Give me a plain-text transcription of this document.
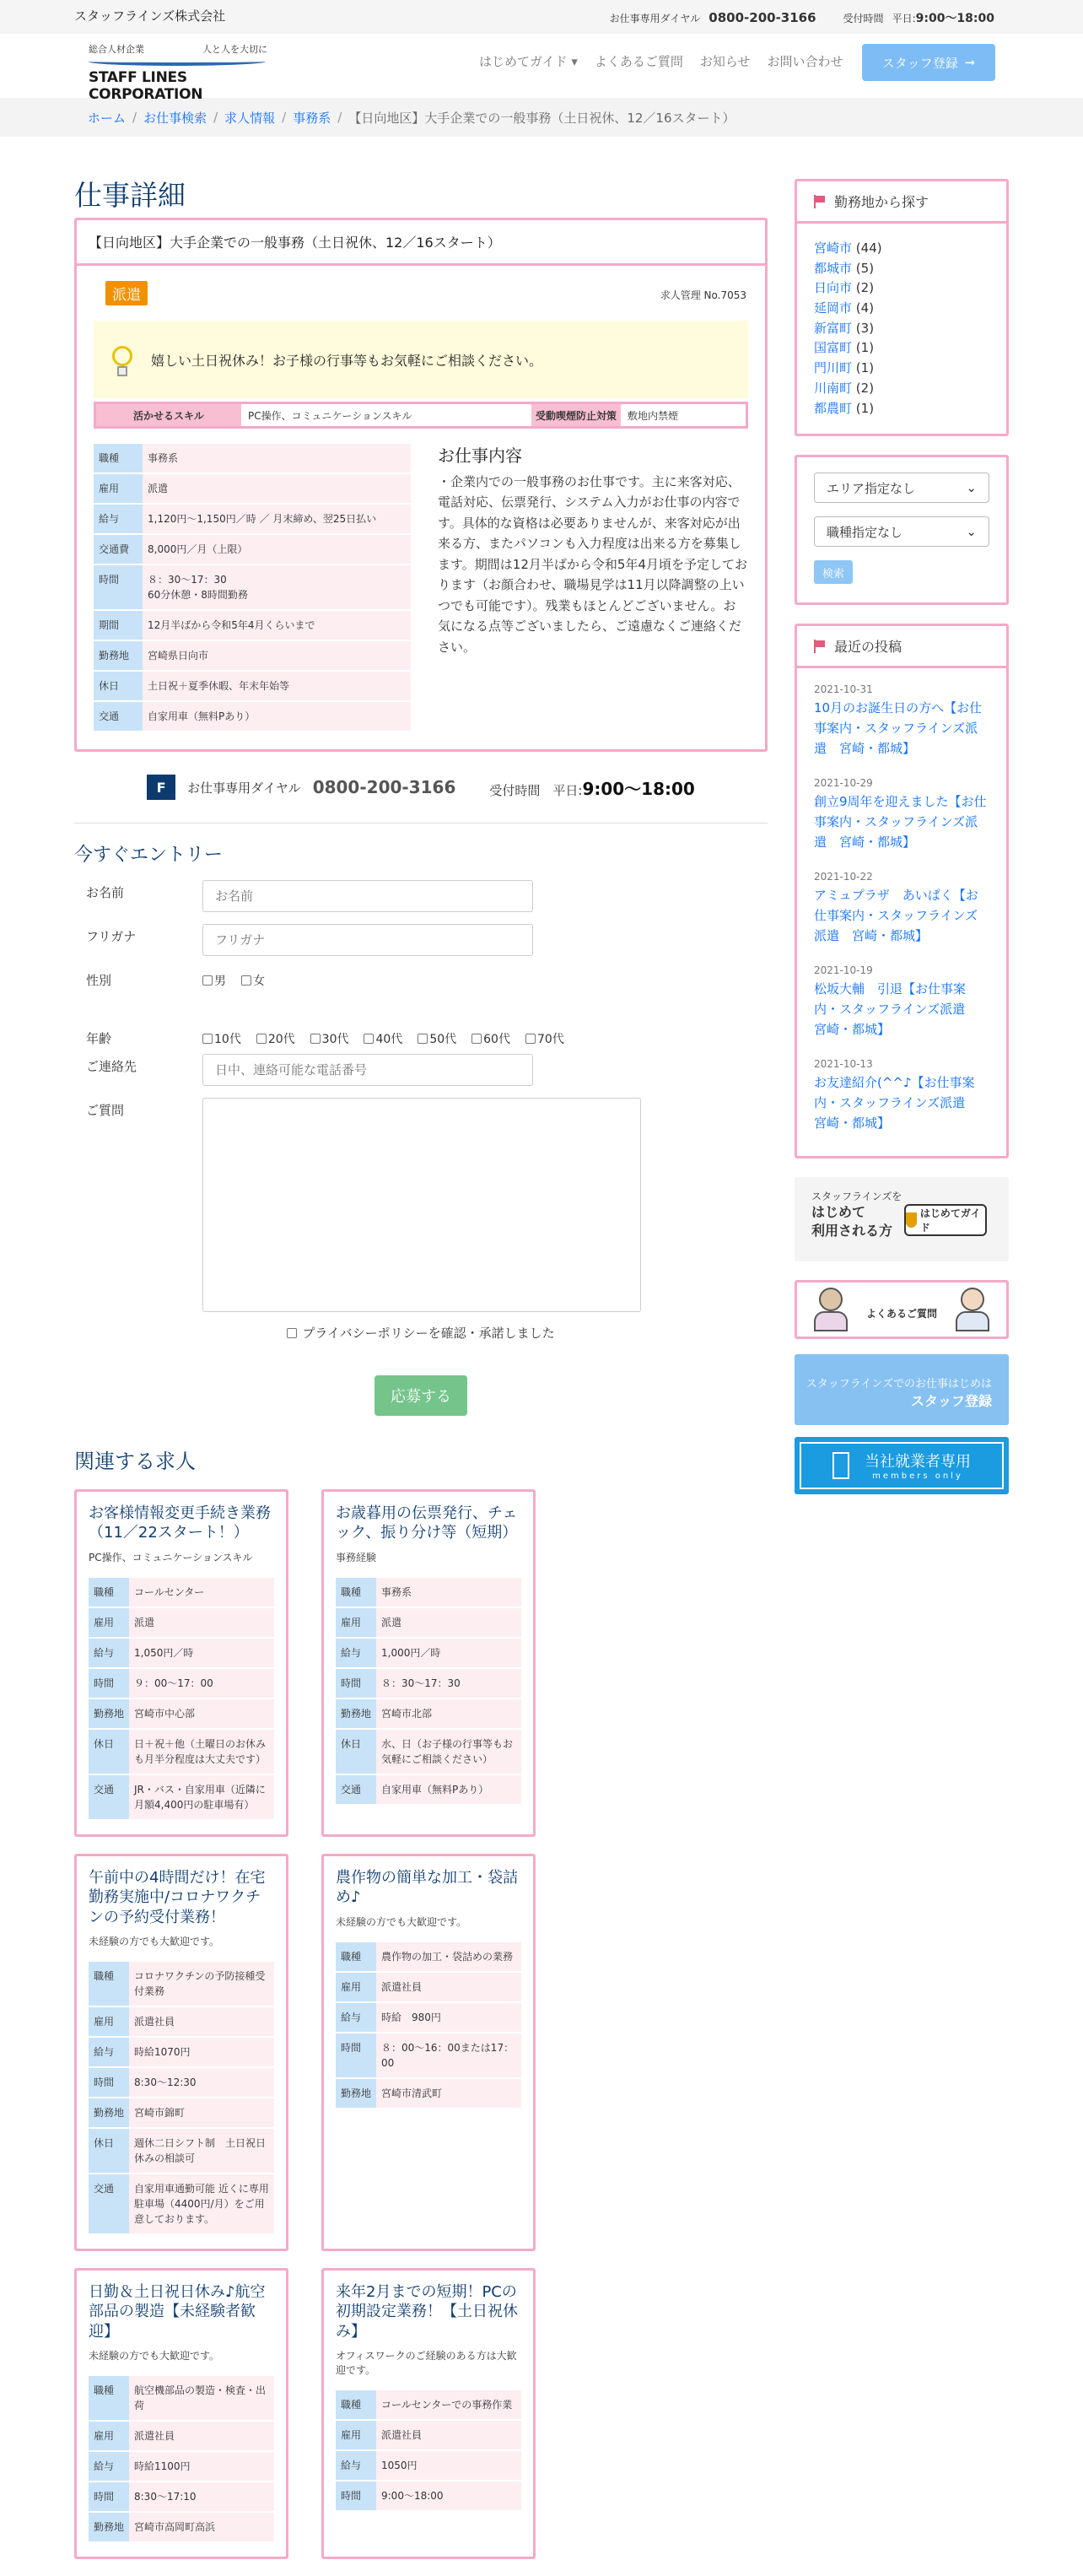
スタッフラインズ株式会社	お仕事専用ダイヤル 0800-200-3166	受付時間 平日: 9:00〜18:00
総合人材企業	人と人を大切に
STAFF LINES CORPORATION
はじめてガイド ▾ よくあるご質問 お知らせ お問い合わせ	スタッフ登録 ➞
ホーム / お仕事検索 / 求人情報 / 事務系 / 【日向地区】大手企業での一般事務（土日祝休、12／16スタート）
仕事詳細
【日向地区】大手企業での一般事務（土日祝休、12／16スタート）
派遣	求人管理 No.7053
嬉しい土日祝休み！お子様の行事等もお気軽にご相談ください。
活かせるスキル	PC操作、コミュニケーションスキル	受動喫煙防止対策	敷地内禁煙
職種	事務系
雇用	派遣
給与	1,120円〜1,150円／時 ／ 月末締め、翌25日払い
交通費	8,000円／月（上限）
時間	８：30〜17：30
60分休憩・8時間勤務
期間	12月半ばから令和5年4月くらいまで
勤務地	宮崎県日向市
休日	土日祝＋夏季休暇、年末年始等
交通	自家用車（無料Pあり）
お仕事内容

・企業内での一般事務のお仕事です。主に来客対応、電話対応、伝票発行、システム入力がお仕事の内容です。具体的な資格は必要ありませんが、来客対応が出来る方、またパソコンも入力程度は出来る方を募集します。期間は12月半ばから令和5年4月頃を予定しております（お顔合わせ、職場見学は11月以降調整の上いつでも可能です）。残業もほとんどございません。お気になる点等ございましたら、ご遠慮なくご連絡ください。

F	お仕事専用ダイヤル 0800-200-3166	受付時間　平日:9:00〜18:00
今すぐエントリー
お名前
お名前
フリガナ
フリガナ
性別	男 女
年齢	10代 20代 30代 40代 50代 60代 70代
ご連絡先
日中、連絡可能な電話番号
ご質問
プライバシーポリシーを確認・承諾しました
応募する
関連する求人
お客様情報変更手続き業務（11／22スタート！）
PC操作、コミュニケーションスキル
職種	コールセンター
雇用	派遣
給与	1,050円／時
時間	９：00〜17：00
勤務地	宮崎市中心部
休日	日＋祝＋他（土曜日のお休みも月半分程度は大丈夫です）
交通	JR・バス・自家用車（近隣に月額4,400円の駐車場有）
お歳暮用の伝票発行、チェック、振り分け等（短期）
事務経験
職種	事務系
雇用	派遣
給与	1,000円／時
時間	８：30〜17：30
勤務地	宮崎市北部
休日	水、日（お子様の行事等もお気軽にご相談ください）
交通	自家用車（無料Pあり）
午前中の4時間だけ！在宅勤務実施中/コロナワクチンの予約受付業務！
未経験の方でも大歓迎です。
職種	コロナワクチンの予防接種受付業務
雇用	派遣社員
給与	時給1070円
時間	8:30〜12:30
勤務地	宮崎市錦町
休日	週休二日シフト制　土日祝日休みの相談可
交通	自家用車通勤可能 近くに専用駐車場（4400円/月）をご用意しております。
農作物の簡単な加工・袋詰め♪
未経験の方でも大歓迎です。
職種	農作物の加工・袋詰めの業務
雇用	派遣社員
給与	時給　980円
時間	８：00〜16：00または17：00
勤務地	宮崎市清武町
日勤＆土日祝日休み♪航空部品の製造【未経験者歓迎】
未経験の方でも大歓迎です。
職種	航空機部品の製造・検査・出荷
雇用	派遣社員
給与	時給1100円
時間	8:30〜17:10
勤務地	宮崎市高岡町高浜
来年2月までの短期！PCの初期設定業務！【土日祝休み】
オフィスワークのご経験のある方は大歓迎です。
職種	コールセンターでの事務作業
雇用	派遣社員
給与	1050円
時間	9:00〜18:00
勤務地から探す
宮崎市 (44)
都城市 (5)
日向市 (2)
延岡市 (4)
新富町 (3)
国富町 (1)
門川町 (1)
川南町 (2)
都農町 (1)
エリア指定なし	⌄
職種指定なし	⌄
検索
最近の投稿
2021-10-31
10月のお誕生日の方へ【お仕事案内・スタッフラインズ派遣　宮崎・都城】
2021-10-29
創立9周年を迎えました【お仕事案内・スタッフラインズ派遣　宮崎・都城】
2021-10-22
アミュプラザ　あいぱく【お仕事案内・スタッフラインズ派遣　宮崎・都城】
2021-10-19
松坂大輔　引退【お仕事案内・スタッフラインズ派遣　宮崎・都城】
2021-10-13
お友達紹介(^^♪【お仕事案内・スタッフラインズ派遣　宮崎・都城】
スタッフラインズを
はじめて
利用される方
はじめてガイド
よくあるご質問
スタッフラインズでのお仕事はじめは
スタッフ登録
当社就業者専用
members only
